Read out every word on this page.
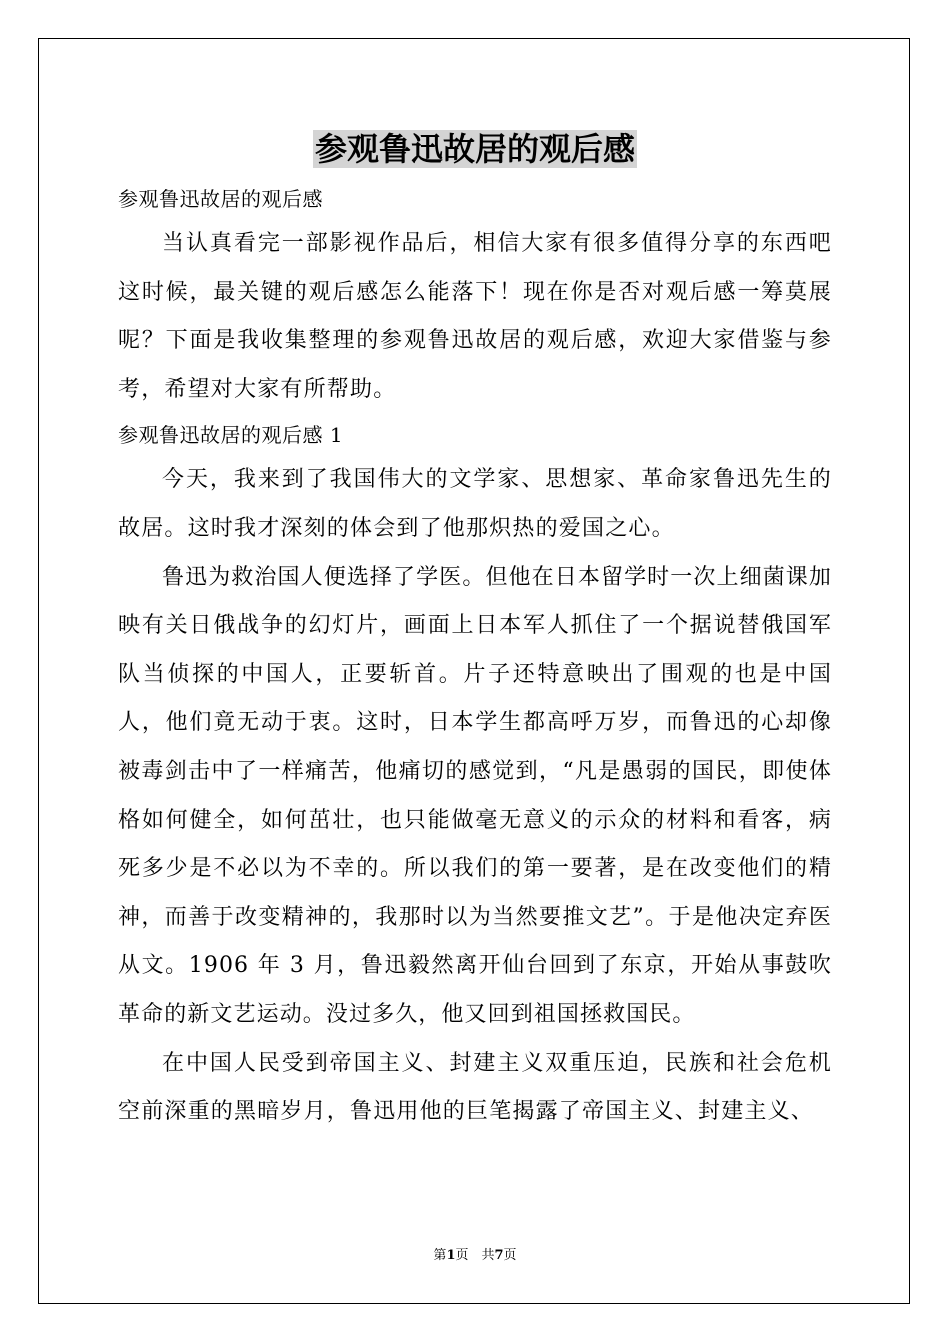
参观鲁迅故居的观后感
参观鲁迅故居的观后感

当认真看完一部影视作品后，相信大家有很多值得分享的东西吧这时候，最关键的观后感怎么能落下！现在你是否对观后感一筹莫展呢？下面是我收集整理的参观鲁迅故居的观后感，欢迎大家借鉴与参考，希望对大家有所帮助。

参观鲁迅故居的观后感 1

今天，我来到了我国伟大的文学家、思想家、革命家鲁迅先生的故居。这时我才深刻的体会到了他那炽热的爱国之心。

鲁迅为救治国人便选择了学医。但他在日本留学时一次上细菌课加映有关日俄战争的幻灯片，画面上日本军人抓住了一个据说替俄国军队当侦探的中国人，正要斩首。片子还特意映出了围观的也是中国人，他们竟无动于衷。这时，日本学生都高呼万岁，而鲁迅的心却像被毒剑击中了一样痛苦，他痛切的感觉到，“凡是愚弱的国民，即使体格如何健全，如何茁壮，也只能做毫无意义的示众的材料和看客，病死多少是不必以为不幸的。所以我们的第一要著，是在改变他们的精神，而善于改变精神的，我那时以为当然要推文艺”。于是他决定弃医从文。1906 年 3 月，鲁迅毅然离开仙台回到了东京，开始从事鼓吹革命的新文艺运动。没过多久，他又回到祖国拯救国民。

在中国人民受到帝国主义、封建主义双重压迫，民族和社会危机空前深重的黑暗岁月，鲁迅用他的巨笔揭露了帝国主义、封建主义、

第1页　共7页
